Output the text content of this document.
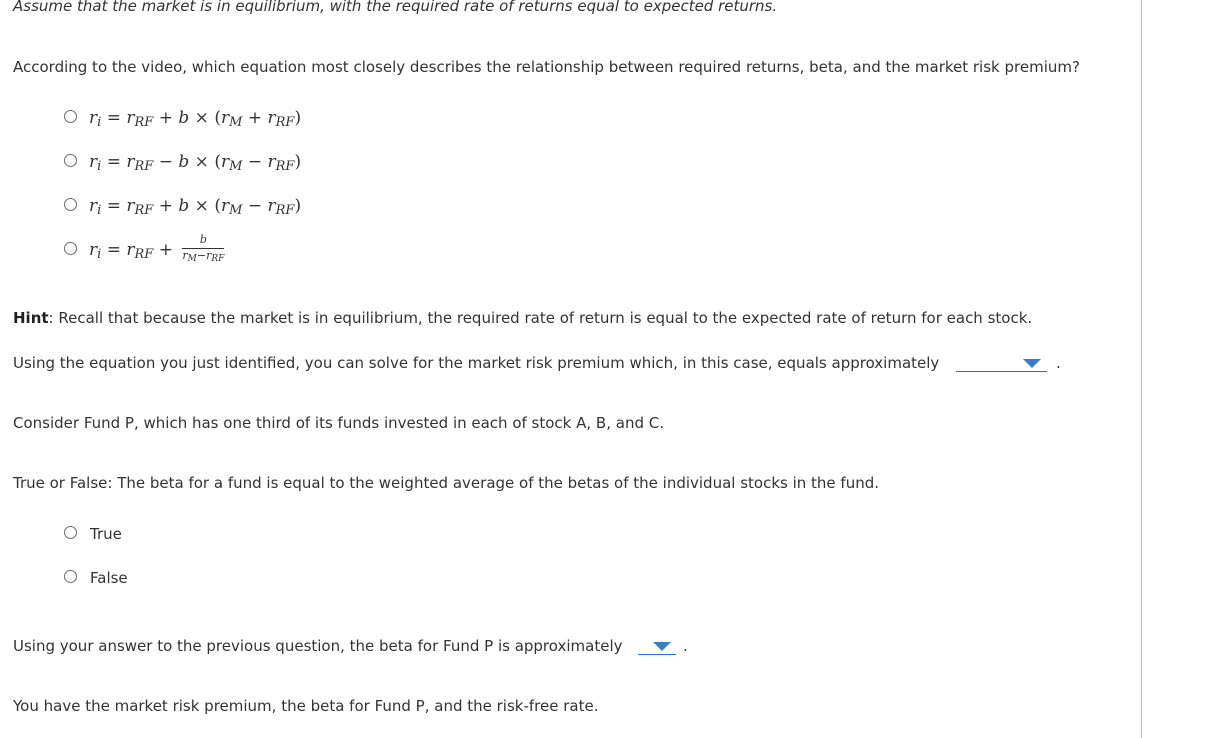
Assume that the market is in equilibrium, with the required rate of returns equal to expected returns.
According to the video, which equation most closely describes the relationship between required returns, beta, and the market risk premium?
ri = rRF + b × (rM + rRF)
ri = rRF − b × (rM − rRF)
ri = rRF + b × (rM − rRF)
ri = rRF + $\frac{b}{\text{rM−rRF}}$
Hint: Recall that because the market is in equilibrium, the required rate of return is equal to the expected rate of return for each stock.
Using the equation you just identified, you can solve for the market risk premium which, in this case, equals approximately	.
Consider Fund P, which has one third of its funds invested in each of stock A, B, and C.
True or False: The beta for a fund is equal to the weighted average of the betas of the individual stocks in the fund.
True
False
Using your answer to the previous question, the beta for Fund P is approximately	.
You have the market risk premium, the beta for Fund P, and the risk-free rate.
